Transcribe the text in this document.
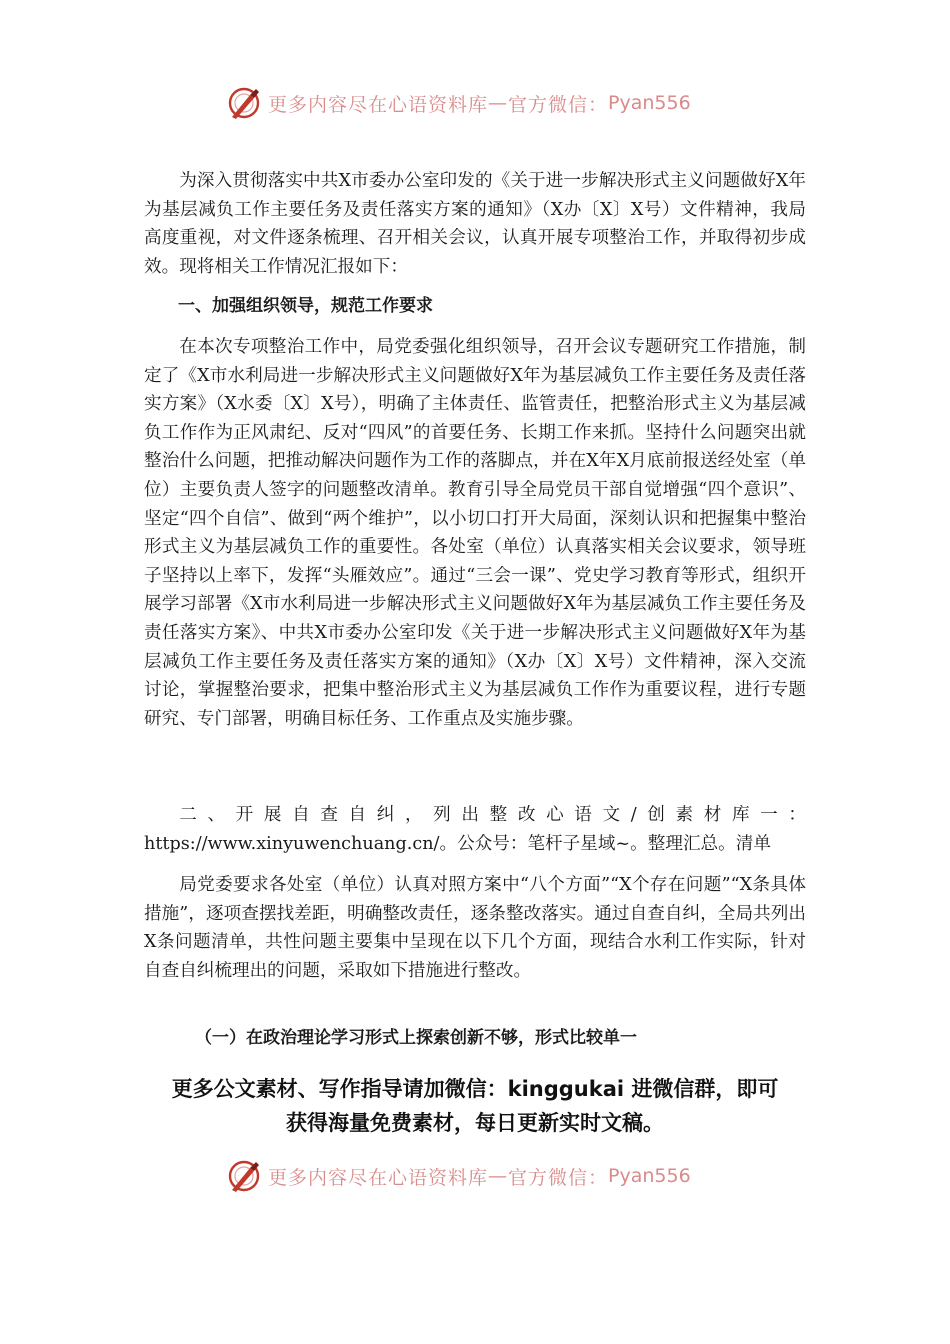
更多内容尽在心语资料库 — 官方微信： Pyan556

为深入贯彻落实中共X市委办公室印发的《关于进一步解决形式主义问题做好X年为基层减负工作主要任务及责任落实方案的通知》（X办〔X〕X号）文件精神，我局高度重视，对文件逐条梳理、召开相关会议，认真开展专项整治工作，并取得初步成效。现将相关工作情况汇报如下：

一、加强组织领导，规范工作要求

在本次专项整治工作中，局党委强化组织领导，召开会议专题研究工作措施，制定了《X市水利局进一步解决形式主义问题做好X年为基层减负工作主要任务及责任落实方案》（X水委〔X〕X号），明确了主体责任、监管责任，把整治形式主义为基层减负工作作为正风肃纪、反对“四风”的首要任务、长期工作来抓。坚持什么问题突出就整治什么问题，把推动解决问题作为工作的落脚点，并在X年X月底前报送经处室（单位）主要负责人签字的问题整改清单。教育引导全局党员干部自觉增强“四个意识”、坚定“四个自信”、做到“两个维护”，以小切口打开大局面，深刻认识和把握集中整治形式主义为基层减负工作的重要性。各处室（单位）认真落实相关会议要求，领导班子坚持以上率下，发挥“头雁效应”。通过“三会一课”、党史学习教育等形式，组织开展学习部署《X市水利局进一步解决形式主义问题做好X年为基层减负工作主要任务及责任落实方案》、中共X市委办公室印发《关于进一步解决形式主义问题做好X年为基层减负工作主要任务及责任落实方案的通知》（X办〔X〕X号）文件精神，深入交流讨论，掌握整治要求，把集中整治形式主义为基层减负工作作为重要议程，进行专题研究、专门部署，明确目标任务、工作重点及实施步骤。

二、开展自查自纠，列出整改心语文/创素材库一：https://www.xinyuwenchuang.cn/。公众号：笔杆子星域~。整理汇总。清单

局党委要求各处室（单位）认真对照方案中“八个方面”“X个存在问题”“X条具体措施”，逐项查摆找差距，明确整改责任，逐条整改落实。通过自查自纠，全局共列出X条问题清单，共性问题主要集中呈现在以下几个方面，现结合水利工作实际，针对自查自纠梳理出的问题，采取如下措施进行整改。

（一）在政治理论学习形式上探索创新不够，形式比较单一

更多公文素材、写作指导请加微信：kinggukai 进微信群，即可
获得海量免费素材，每日更新实时文稿。
更多内容尽在心语资料库 — 官方微信： Pyan556
